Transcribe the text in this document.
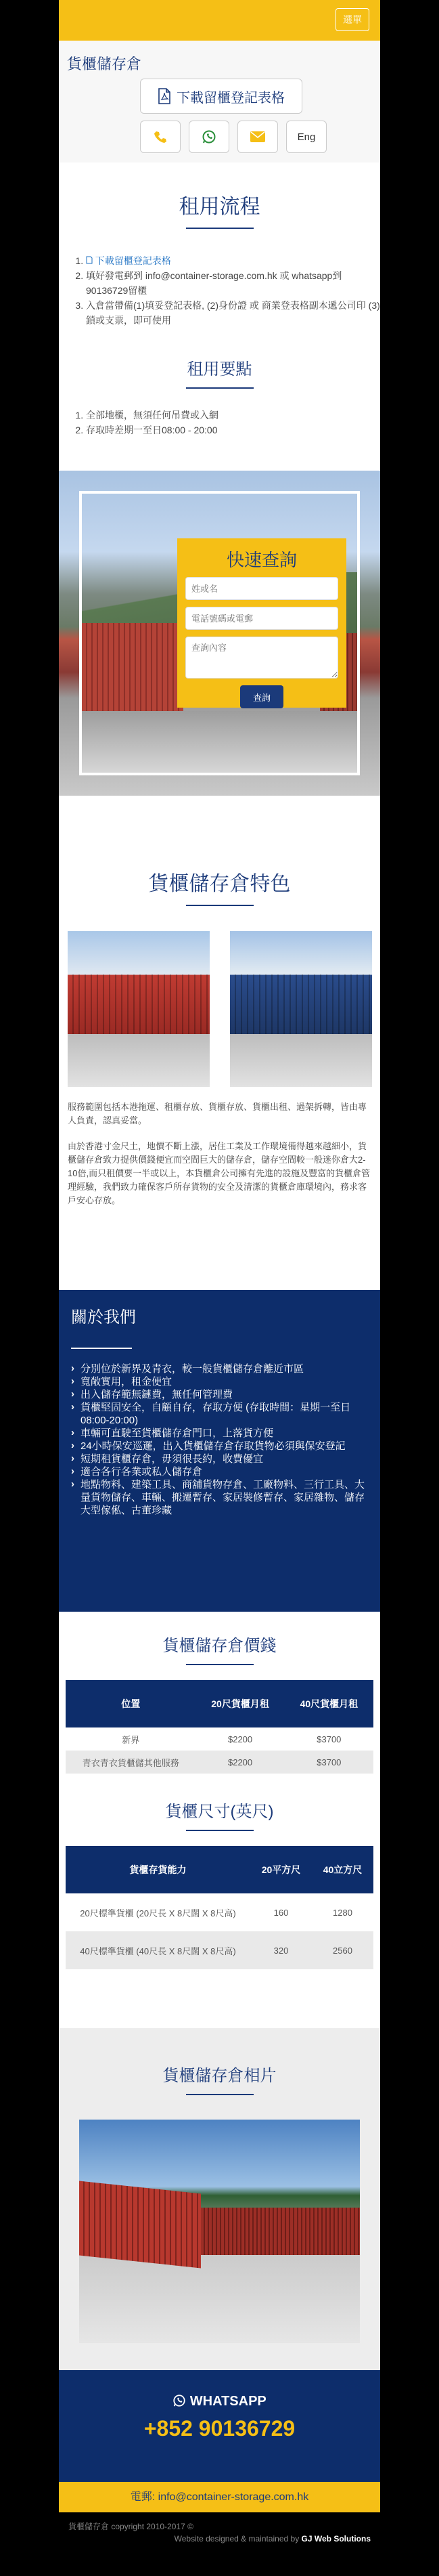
選單
貨櫃儲存倉
下載留櫃登記表格
Eng
租用流程
1.  下載留櫃登記表格
2. 填好發電郵到 info@container-storage.com.hk 或 whatsapp到 90136729留櫃
3. 入倉當帶備(1)填妥登記表格, (2)身份證 或 商業登表格副本遞公司印 (3) 鎖或支票，即可使用
租用要點
1. 全部地櫃，無須任何吊費或入網
2. 存取時差期一至日08:00 - 20:00
快速查詢
姓或名
電話號碼或電郵
查詢內容
查詢
貨櫃儲存倉特色

服務範圍包括本港拖運、租櫃存放、貨櫃存放、貨櫃出租、過架拆轉，皆由專人負責，認真妥當。

由於香港寸金尺土，地價不斷上漲，居住工業及工作環境備得越來越細小，貨櫃儲存倉致力提供價錢便宜而空間巨大的儲存倉，儲存空間較一般迷你倉大2-10倍,而只租價要一半或以上，本貨櫃倉公司擁有先進的設施及豐富的貨櫃倉管理經驗，我們致力確保客戶所存貨物的安全及清潔的貨櫃倉庫環境內，務求客戶安心存放。

關於我們
› 分別位於新界及青衣，較一般貨櫃儲存倉離近市區
› 寬敞實用，租金便宜
› 出入儲存範無鏈費，無任何管理費
› 貨櫃堅固安全，自顧自存，存取方便 (存取時間：星期一至日08:00-20:00)
› 車輛可直駛至貨櫃儲存倉門口，上落貨方便
› 24小時保安巡邏，出入貨櫃儲存倉存取貨物必須與保安登記
› 短期租貨櫃存倉，毋須很長約，收費優宜
› 適合各行各業或私人儲存倉
› 地點物料、建築工具、商舖貨物存倉、工廠物料、三行工具、大量貨物儲存、車輛、搬遷暫存、家居裝修暫存、家居雜物、儲存大型傢俬、古董珍藏
貨櫃儲存倉價錢
位置	20尺貨櫃月租	40尺貨櫃月租
新界	$2200	$3700
青衣青衣貨櫃儲其他服務	$2200	$3700
貨櫃尺寸(英尺)
貨櫃存貨能力	20平方尺	40立方尺
20尺標準貨櫃 (20尺長 X 8尺闊 X 8尺高)	160	1280
40尺標準貨櫃 (40尺長 X 8尺闊 X 8尺高)	320	2560
貨櫃儲存倉相片
WHATSAPP
+852 90136729
電郵: info@container-storage.com.hk
貨櫃儲存倉 copyright 2010-2017 ©
Website designed & maintained by GJ Web Solutions
